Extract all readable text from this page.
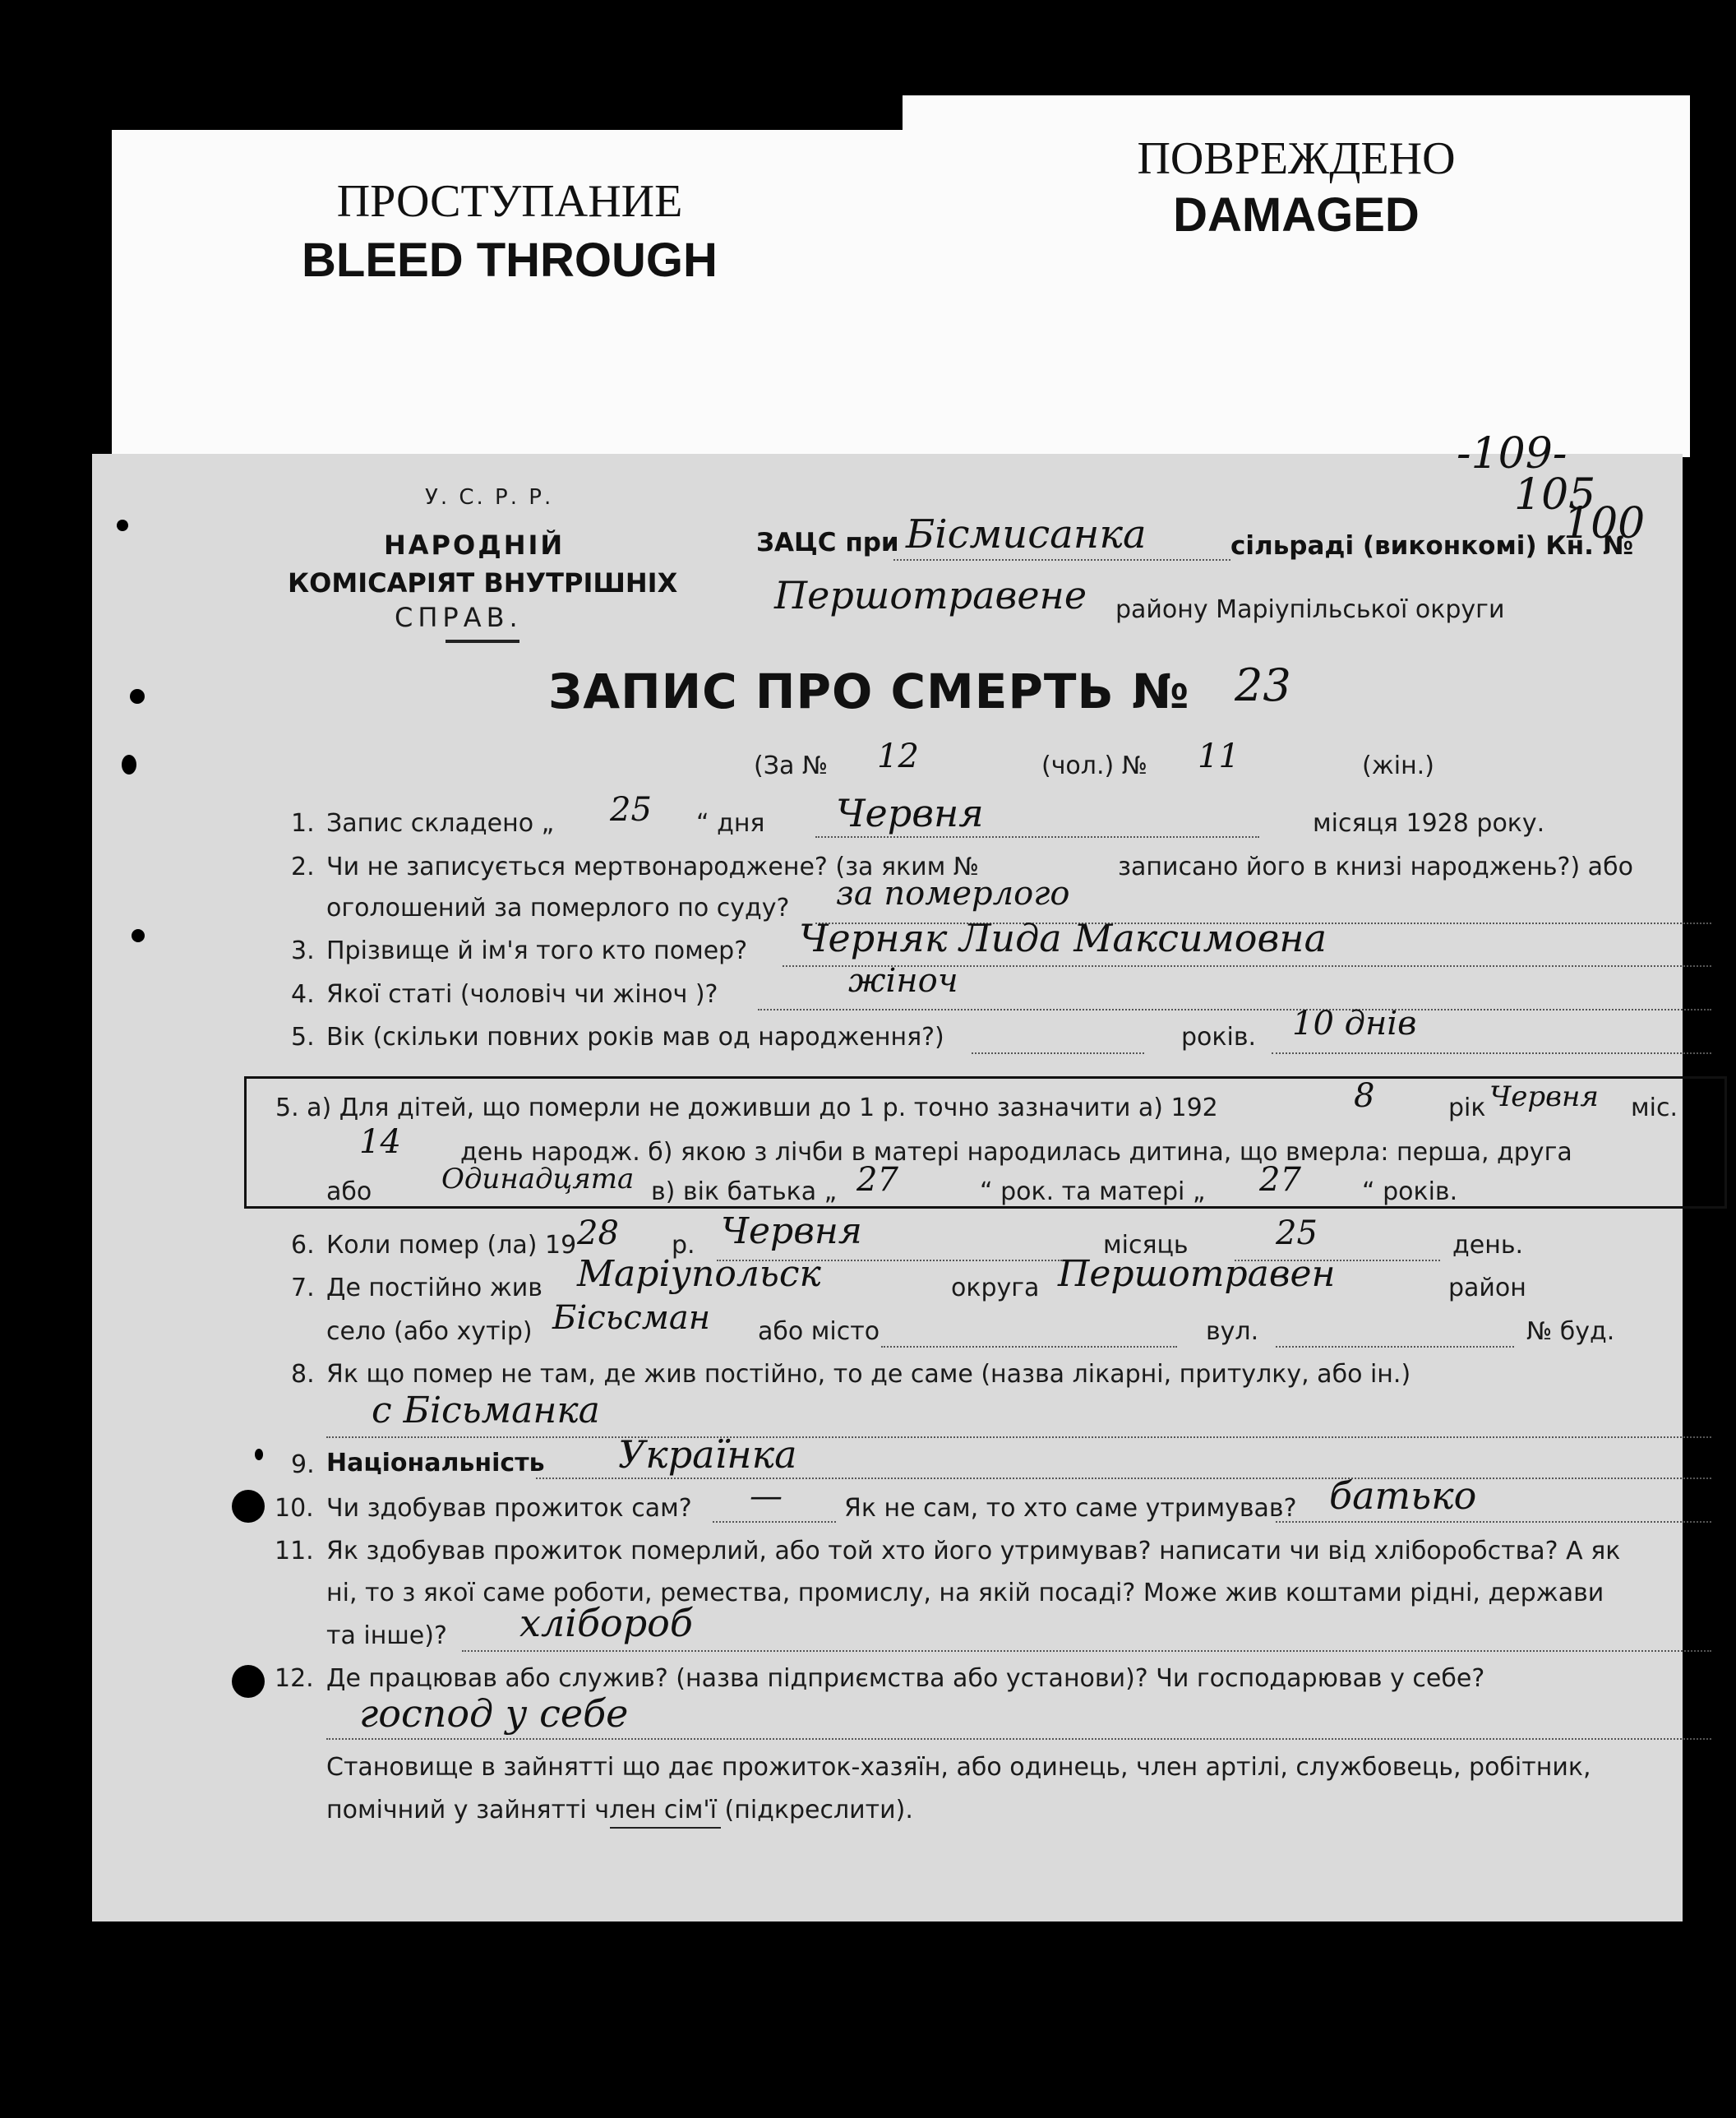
ПРОСТУПАНИЕ
BLEED THROUGH
ПОВРЕЖДЕНО
DAMAGED
-109-
105
100
У. С. Р. Р.
НАРОДНІЙ
КОМІСАРІЯТ ВНУТРІШНІХ
СПРАВ.
ЗАЦС при Бісмисанка	сільраді (виконкомі) Кн. №
Першотравене району Маріупільської округи
ЗАПИС ПРО СМЕРТЬ № 23
(За № 12	(чол.) № 11	(жін.)
1. Запис складено „ 25 “ дня Червня	місяця 1928 року.
2. Чи не записується мертвонароджене? (за яким №	записано його в книзі народжень?) або
оголошений за померлого по суду? за померлого
3. Прізвище й ім'я того кто помер? Черняк Лида Максимовна
4. Якої статі (чоловіч чи жіноч )?	жіноч
5. Вік (скільки повних років мав од народження?)	років. 10 днів
5. а) Для дітей, що померли не доживши до 1 р. точно зазначити а) 192	8	рік Червня міс.
14 день народж. б) якою з лічби в матері народилась дитина, що вмерла: перша, друга
або Одинадцята в) вік батька „ 27	“ рок. та матері „ 27 “ років.
6. Коли помер (ла) 19 28 р. Червня	місяць	25	день.
7. Де постійно жив Маріупольск	округа Першотравен	район
село (або хутір) Бісьсман або місто	вул.	№ буд.
8. Як що помер не там, де жив постійно, то де саме (назва лікарні, притулку, або ін.)
с Бісьманка
9. Національність Українка
10. Чи здобував прожиток сам? —	Як не сам, то хто саме утримував? батько
11. Як здобував прожиток померлий, або той хто його утримував? написати чи від хліборобства? А як
ні, то з якої саме роботи, ремества, промислу, на якій посаді? Може жив коштами рідні, держави
та інше)? хлібороб
12. Де працював або служив? (назва підприємства або установи)? Чи господарював у себе?
господ у себе
Становище в зайнятті що дає прожиток-хазяїн, або одинець, член артілі, службовець, робітник,
помічний у зайнятті член сім'ї (підкреслити).
